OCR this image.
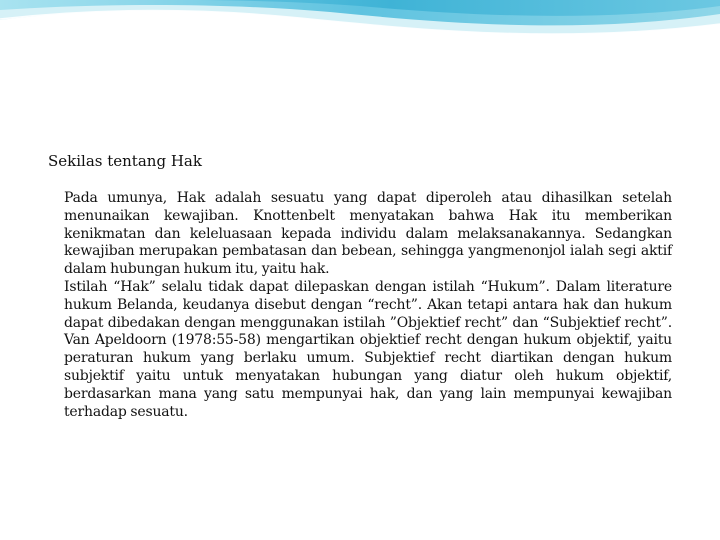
Sekilas tentang Hak

Pada umunya, Hak adalah sesuatu yang dapat diperoleh atau dihasilkan setelah menunaikan kewajiban. Knottenbelt menyatakan bahwa Hak itu memberikan kenikmatan dan keleluasaan kepada individu dalam melaksanakannya. Sedangkan kewajiban merupakan pembatasan dan bebean, sehingga yangmenonjol ialah segi aktif dalam hubungan hukum itu, yaitu hak.

Istilah “Hak” selalu tidak dapat dilepaskan dengan istilah “Hukum”. Dalam literature hukum Belanda, keudanya disebut dengan “recht”. Akan tetapi antara hak dan hukum dapat dibedakan dengan menggunakan istilah ”Objektief recht” dan “Subjektief recht”. Van Apeldoorn (1978:55-58) mengartikan objektief recht dengan hukum objektif, yaitu peraturan hukum yang berlaku umum. Subjektief recht diartikan dengan hukum subjektif yaitu untuk menyatakan hubungan yang diatur oleh hukum objektif, berdasarkan mana yang satu mempunyai hak, dan yang lain mempunyai kewajiban terhadap sesuatu.
